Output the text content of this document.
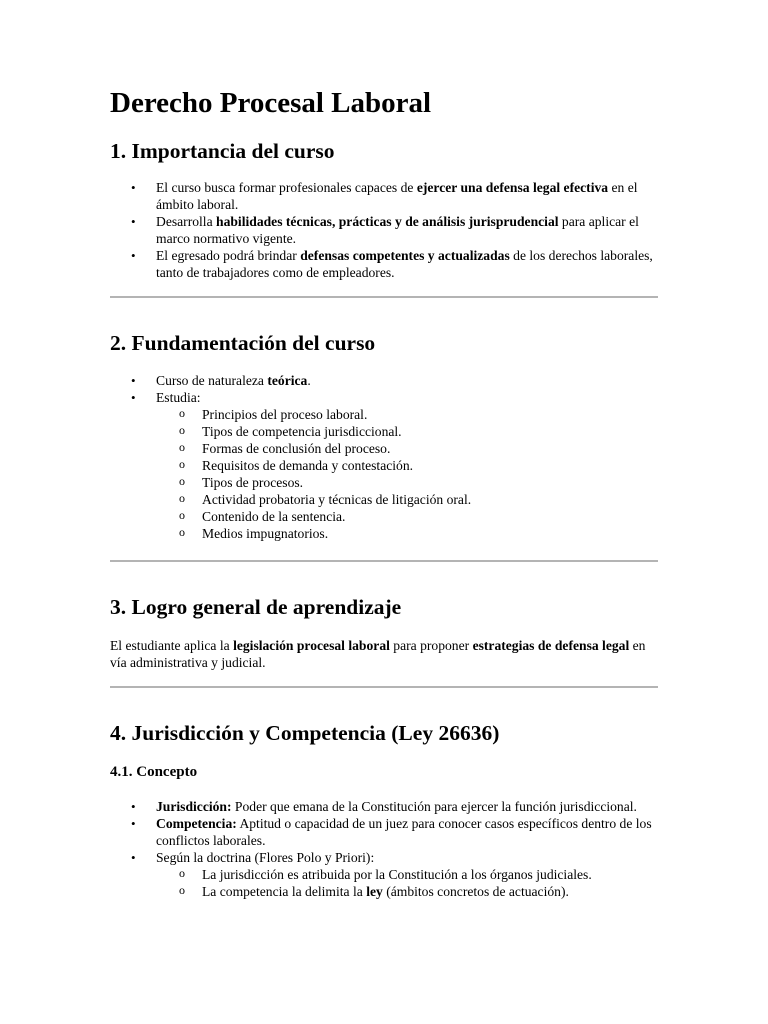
Derecho Procesal Laboral
1. Importancia del curso
• El curso busca formar profesionales capaces de ejercer una defensa legal efectiva en el ámbito laboral.
• Desarrolla habilidades técnicas, prácticas y de análisis jurisprudencial para aplicar el marco normativo vigente.
• El egresado podrá brindar defensas competentes y actualizadas de los derechos laborales, tanto de trabajadores como de empleadores.
2. Fundamentación del curso
• Curso de naturaleza teórica.
• Estudia:
o Principios del proceso laboral.
o Tipos de competencia jurisdiccional.
o Formas de conclusión del proceso.
o Requisitos de demanda y contestación.
o Tipos de procesos.
o Actividad probatoria y técnicas de litigación oral.
o Contenido de la sentencia.
o Medios impugnatorios.
3. Logro general de aprendizaje

El estudiante aplica la legislación procesal laboral para proponer estrategias de defensa legal en vía administrativa y judicial.

4. Jurisdicción y Competencia (Ley 26636)
4.1. Concepto
• Jurisdicción: Poder que emana de la Constitución para ejercer la función jurisdiccional.
• Competencia: Aptitud o capacidad de un juez para conocer casos específicos dentro de los conflictos laborales.
• Según la doctrina (Flores Polo y Priori):
o La jurisdicción es atribuida por la Constitución a los órganos judiciales.
o La competencia la delimita la ley (ámbitos concretos de actuación).
